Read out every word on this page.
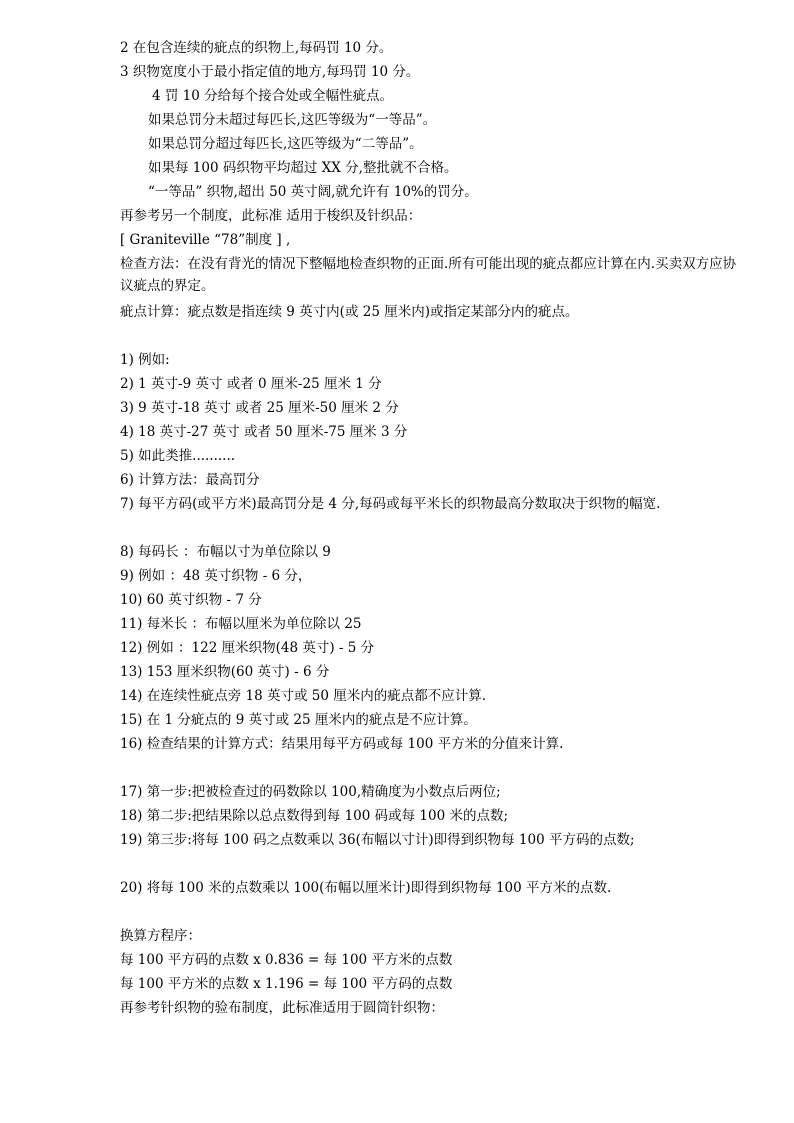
2 在包含连续的疵点的织物上,每码罚 10 分。
3 织物宽度小于最小指定值的地方,每玛罚 10 分。
4 罚 10 分给每个接合处或全幅性疵点。
如果总罚分未超过每匹长,这匹等级为“一等品”。
如果总罚分超过每匹长,这匹等级为“二等品”。
如果每 100 码织物平均超过 XX 分,整批就不合格。
“一等品” 织物,超出 50 英寸阔,就允许有 10%的罚分。
再参考另一个制度，此标准 适用于梭织及针织品：
[ Graniteville “78”制度 ] ,
检查方法：在没有背光的情况下整幅地检查织物的正面.所有可能出现的疵点都应计算在内.买卖双方应协议疵点的界定。
疵点计算：疵点数是指连续 9 英寸内(或 25 厘米内)或指定某部分内的疵点。
1) 例如:
2) 1 英寸-9 英寸 或者 0 厘米-25 厘米 1 分
3) 9 英寸-18 英寸 或者 25 厘米-50 厘米 2 分
4) 18 英寸-27 英寸 或者 50 厘米-75 厘米 3 分
5) 如此类推..........
6) 计算方法：最高罚分
7) 每平方码(或平方米)最高罚分是 4 分,每码或每平米长的织物最高分数取决于织物的幅宽.
8) 每码长 ：布幅以寸为单位除以 9
9) 例如 ：48 英寸织物 - 6 分，
10) 60 英寸织物 - 7 分
11) 每米长 ：布幅以厘米为单位除以 25
12) 例如 ：122 厘米织物(48 英寸) - 5 分
13) 153 厘米织物(60 英寸) - 6 分
14) 在连续性疵点旁 18 英寸或 50 厘米内的疵点都不应计算.
15) 在 1 分疵点的 9 英寸或 25 厘米内的疵点是不应计算。
16) 检查结果的计算方式：结果用每平方码或每 100 平方米的分值来计算.
17) 第一步:把被检查过的码数除以 100,精确度为小数点后两位;
18) 第二步:把结果除以总点数得到每 100 码或每 100 米的点数;
19) 第三步:将每 100 码之点数乘以 36(布幅以寸计)即得到织物每 100 平方码的点数;
20) 将每 100 米的点数乘以 100(布幅以厘米计)即得到织物每 100 平方米的点数.
换算方程序：
每 100 平方码的点数 x 0.836 = 每 100 平方米的点数
每 100 平方米的点数 x 1.196 = 每 100 平方码的点数
再参考针织物的验布制度，此标准适用于圆筒针织物：
